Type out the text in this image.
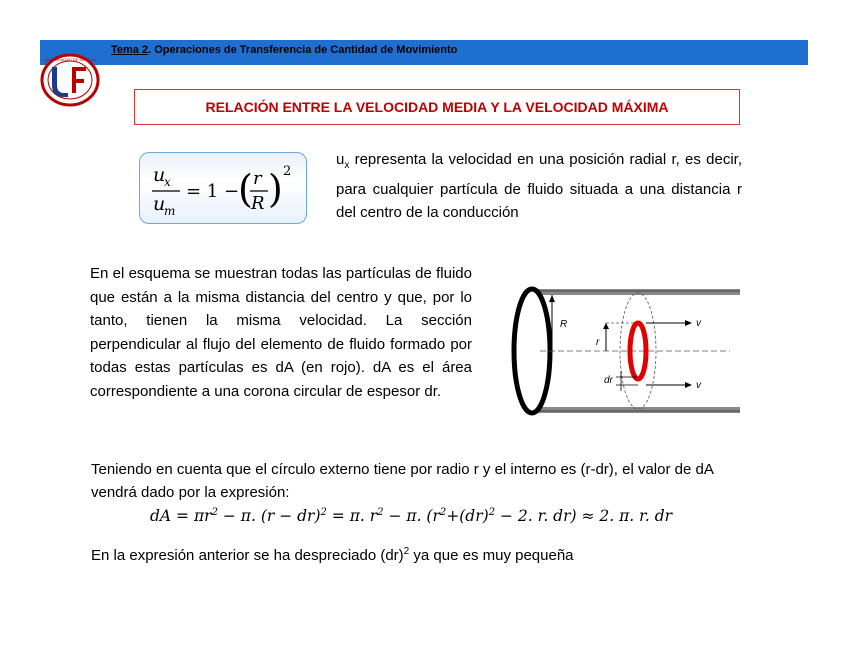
Tema 2. Operaciones de Transferencia de Cantidad de Movimiento
UNIVERSIDAD DE SEVILLA
RELACIÓN ENTRE LA VELOCIDAD MEDIA Y LA VELOCIDAD MÁXIMA
u
x
u
m
= 1 −
( r
R ) 2
$u_x$ representa la velocidad en una posición radial r, es decir, para cualquier partícula de fluido situada a una distancia r del centro de la conducción
En el esquema se muestran todas las partículas de fluido que están a la misma distancia del centro y que, por lo tanto, tienen la misma velocidad. La sección perpendicular al flujo del elemento de fluido formado por todas estas partículas es dA (en rojo). dA es el área correspondiente a una corona circular de espesor dr.
R
r
v
v
dr
Teniendo en cuenta que el círculo externo tiene por radio r y el interno es (r-dr), el valor de dA vendrá dado por la expresión:
dA = $\pi r^2 - \pi$. (r − dr)$^2$ = π. $r^2 - \pi$. ($r^2+(dr)^2 - 2$. r. dr) ≈ 2. π. r. dr
En la expresión anterior se ha despreciado (dr)$^2$ ya que es muy pequeña
